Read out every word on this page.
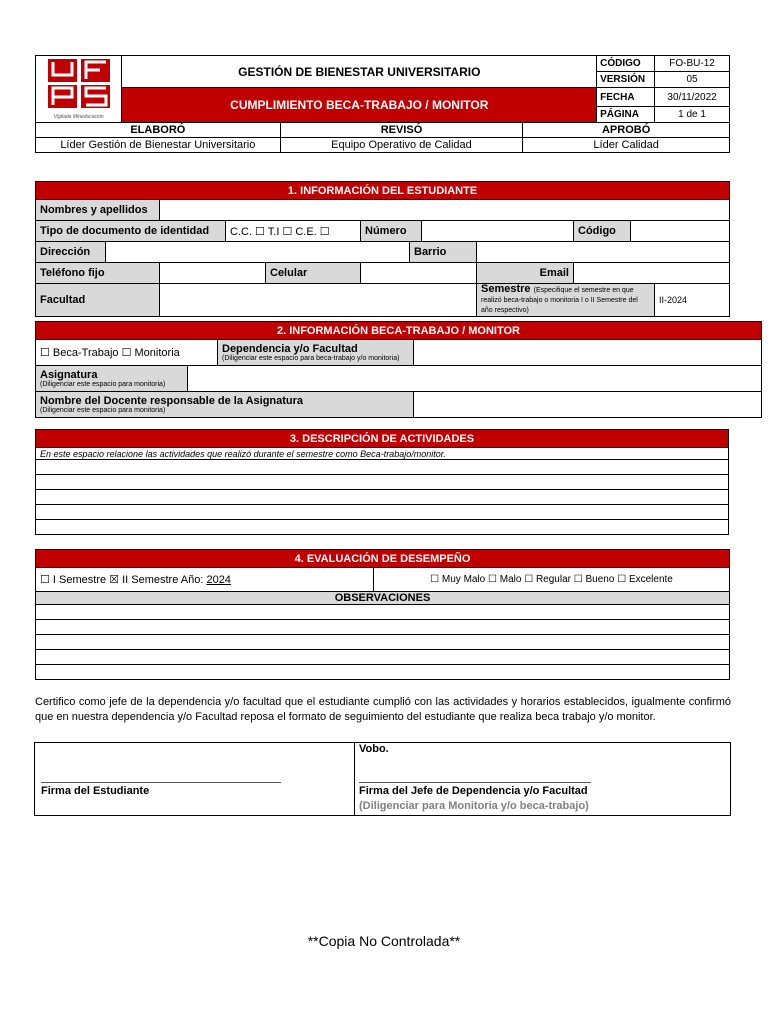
Vigilada Mineducación	GESTIÓN DE BIENESTAR UNIVERSITARIO			CÓDIGO	FO-BU-12
				VERSIÓN	05
	CUMPLIMIENTO BECA-TRABAJO / MONITOR			FECHA	30/11/2022
				PÁGINA	1 de 1
ELABORÓ		REVISÓ	APROBÓ		
Líder Gestión de Bienestar Universitario		Equipo Operativo de Calidad	Líder Calidad		
1. INFORMACIÓN DEL ESTUDIANTE											
Nombres y apellidos											
Tipo de documento de identidad			C.C. ☐ T.I ☐ C.E. ☐		Número				Código		
Dirección						Barrio					
Teléfono fijo				Celular				Email			
Facultad								Semestre (Especifique el semestre en que realizó beca-trabajo o monitoria I o II Semestre del año respectivo)			II-2024
2. INFORMACIÓN BECA-TRABAJO / MONITOR			
☐ Beca-Trabajo ☐ Monitoria		Dependencia y/o Facultad
(Diligenciar este espacio para beca-trabajo y/o monitoria)	

Asignatura
(Diligenciar este espacio para monitoria)			

Nombre del Docente responsable de la Asignatura
(Diligenciar este espacio para monitoria)			

3. DESCRIPCIÓN DE ACTIVIDADES
En este espacio relacione las actividades que realizó durante el semestre como Beca-trabajo/monitor.

4. EVALUACIÓN DE DESEMPEÑO
☐ I Semestre ☒ II Semestre Año: 2024	☐ Muy Malo ☐ Malo ☐ Regular ☐ Bueno ☐ Excelente
OBSERVACIONES

Certifico como jefe de la dependencia y/o facultad que el estudiante cumplió con las actividades y horarios establecidos, igualmente confirmó que en nuestra dependencia y/o Facultad reposa el formato de seguimiento del estudiante que realiza beca trabajo y/o monitor.
Firma del Estudiante

Vobo.
Firma del Jefe de Dependencia y/o Facultad
(Diligenciar para Monitoria y/o beca-trabajo)
**Copia No Controlada**
